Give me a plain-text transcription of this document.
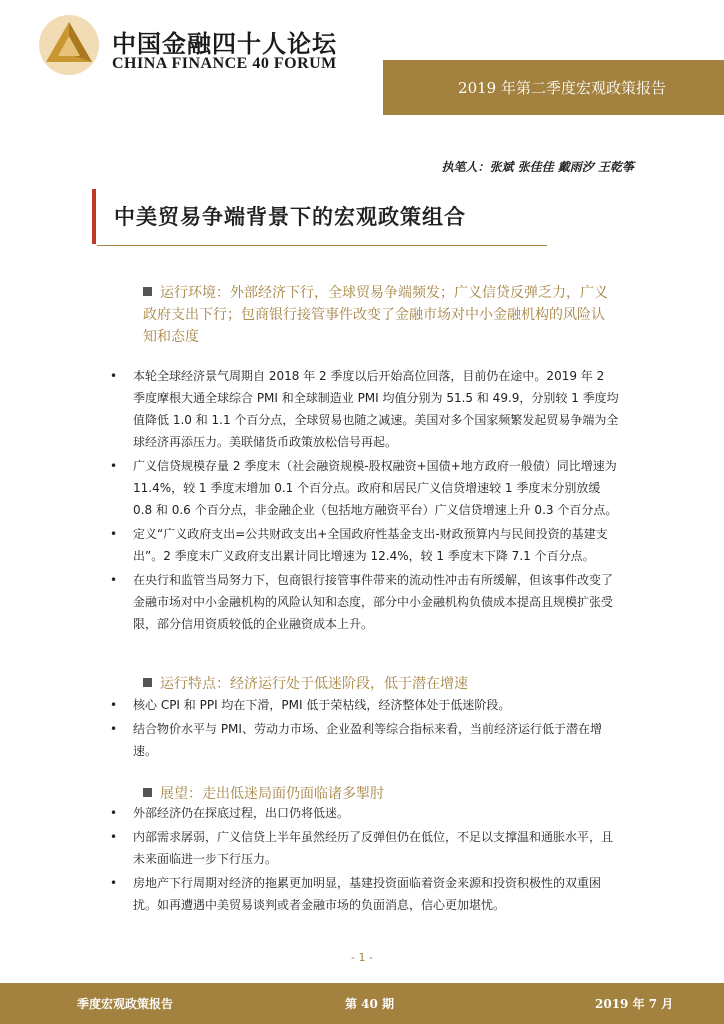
中国金融四十人论坛
CHINA FINANCE 40 FORUM
2019 年第二季度宏观政策报告
执笔人：张斌 张佳佳 戴雨汐 王乾筝
中美贸易争端背景下的宏观政策组合
运行环境：外部经济下行，全球贸易争端频发；广义信贷反弹乏力，广义政府支出下行；包商银行接管事件改变了金融市场对中小金融机构的风险认知和态度
• 本轮全球经济景气周期自 2018 年 2 季度以后开始高位回落，目前仍在途中。2019 年 2 季度摩根大通全球综合 PMI 和全球制造业 PMI 均值分别为 51.5 和 49.9，分别较 1 季度均值降低 1.0 和 1.1 个百分点，全球贸易也随之减速。美国对多个国家频繁发起贸易争端为全球经济再添压力。美联储货币政策放松信号再起。
• 广义信贷规模存量 2 季度末（社会融资规模-股权融资+国债+地方政府一般债）同比增速为 11.4%，较 1 季度末增加 0.1 个百分点。政府和居民广义信贷增速较 1 季度末分别放缓 0.8 和 0.6 个百分点，非金融企业（包括地方融资平台）广义信贷增速上升 0.3 个百分点。
• 定义“广义政府支出=公共财政支出+全国政府性基金支出-财政预算内与民间投资的基建支出”。2 季度末广义政府支出累计同比增速为 12.4%，较 1 季度末下降 7.1 个百分点。
• 在央行和监管当局努力下，包商银行接管事件带来的流动性冲击有所缓解，但该事件改变了金融市场对中小金融机构的风险认知和态度，部分中小金融机构负债成本提高且规模扩张受限，部分信用资质较低的企业融资成本上升。
运行特点：经济运行处于低迷阶段，低于潜在增速
• 核心 CPI 和 PPI 均在下滑，PMI 低于荣枯线，经济整体处于低迷阶段。
• 结合物价水平与 PMI、劳动力市场、企业盈利等综合指标来看，当前经济运行低于潜在增速。
展望：走出低迷局面仍面临诸多掣肘
• 外部经济仍在探底过程，出口仍将低迷。
• 内部需求孱弱，广义信贷上半年虽然经历了反弹但仍在低位，不足以支撑温和通胀水平，且未来面临进一步下行压力。
• 房地产下行周期对经济的拖累更加明显，基建投资面临着资金来源和投资积极性的双重困扰。如再遭遇中美贸易谈判或者金融市场的负面消息，信心更加堪忧。
- 1 -
季度宏观政策报告	第 40 期	2019 年 7 月
